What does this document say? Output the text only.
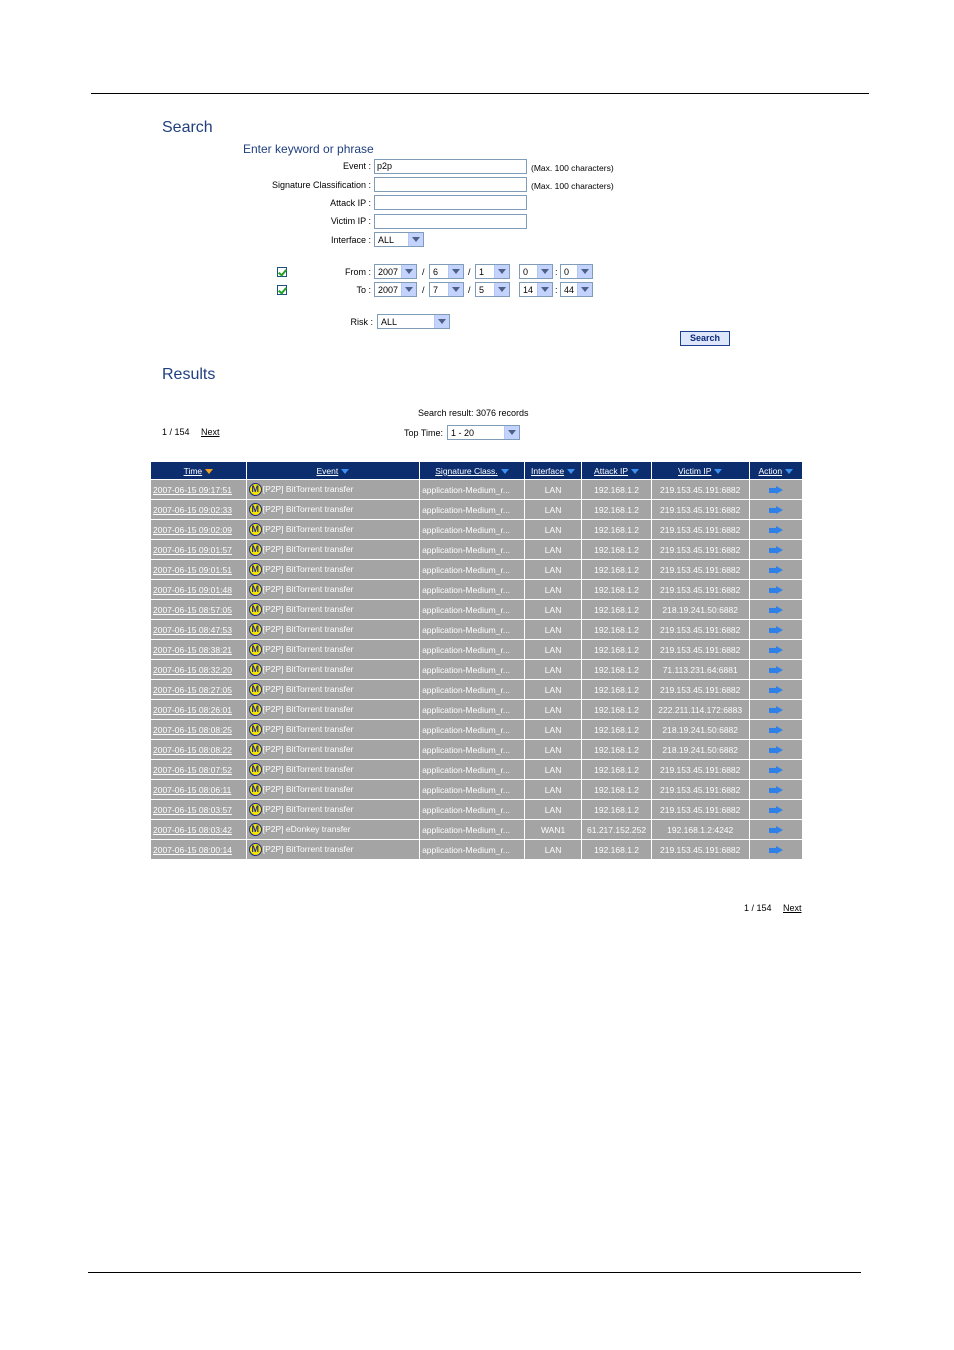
Search
Enter keyword or phrase
Event :
p2p	(Max. 100 characters)
Signature Classification :	(Max. 100 characters)
Attack IP :
Victim IP :
Interface : ALL
From : 2007	/ 6	/ 1	0	: 0
To : 2007	/ 7	/ 5	14 : 44
Risk : ALL
Search
Results
Search result: 3076 records
1 / 154 Next	Top Time: 1 - 20
Time	Event	Signature Class.	Interface	Attack IP	Victim IP	Action
2007-06-15 09:17:51	M [P2P] BitTorrent transfer	application-Medium_r...	LAN	192.168.1.2	219.153.45.191:6882	
2007-06-15 09:02:33	M [P2P] BitTorrent transfer	application-Medium_r...	LAN	192.168.1.2	219.153.45.191:6882	
2007-06-15 09:02:09	M [P2P] BitTorrent transfer	application-Medium_r...	LAN	192.168.1.2	219.153.45.191:6882	
2007-06-15 09:01:57	M [P2P] BitTorrent transfer	application-Medium_r...	LAN	192.168.1.2	219.153.45.191:6882	
2007-06-15 09:01:51	M [P2P] BitTorrent transfer	application-Medium_r...	LAN	192.168.1.2	219.153.45.191:6882	
2007-06-15 09:01:48	M [P2P] BitTorrent transfer	application-Medium_r...	LAN	192.168.1.2	219.153.45.191:6882	
2007-06-15 08:57:05	M [P2P] BitTorrent transfer	application-Medium_r...	LAN	192.168.1.2	218.19.241.50:6882	
2007-06-15 08:47:53	M [P2P] BitTorrent transfer	application-Medium_r...	LAN	192.168.1.2	219.153.45.191:6882	
2007-06-15 08:38:21	M [P2P] BitTorrent transfer	application-Medium_r...	LAN	192.168.1.2	219.153.45.191:6882	
2007-06-15 08:32:20	M [P2P] BitTorrent transfer	application-Medium_r...	LAN	192.168.1.2	71.113.231.64:6881	
2007-06-15 08:27:05	M [P2P] BitTorrent transfer	application-Medium_r...	LAN	192.168.1.2	219.153.45.191:6882	
2007-06-15 08:26:01	M [P2P] BitTorrent transfer	application-Medium_r...	LAN	192.168.1.2	222.211.114.172:6883	
2007-06-15 08:08:25	M [P2P] BitTorrent transfer	application-Medium_r...	LAN	192.168.1.2	218.19.241.50:6882	
2007-06-15 08:08:22	M [P2P] BitTorrent transfer	application-Medium_r...	LAN	192.168.1.2	218.19.241.50:6882	
2007-06-15 08:07:52	M [P2P] BitTorrent transfer	application-Medium_r...	LAN	192.168.1.2	219.153.45.191:6882	
2007-06-15 08:06:11	M [P2P] BitTorrent transfer	application-Medium_r...	LAN	192.168.1.2	219.153.45.191:6882	
2007-06-15 08:03:57	M [P2P] BitTorrent transfer	application-Medium_r...	LAN	192.168.1.2	219.153.45.191:6882	
2007-06-15 08:03:42	M [P2P] eDonkey transfer	application-Medium_r...	WAN1	61.217.152.252	192.168.1.2:4242	
2007-06-15 08:00:14	M [P2P] BitTorrent transfer	application-Medium_r...	LAN	192.168.1.2	219.153.45.191:6882	
1 / 154 Next
